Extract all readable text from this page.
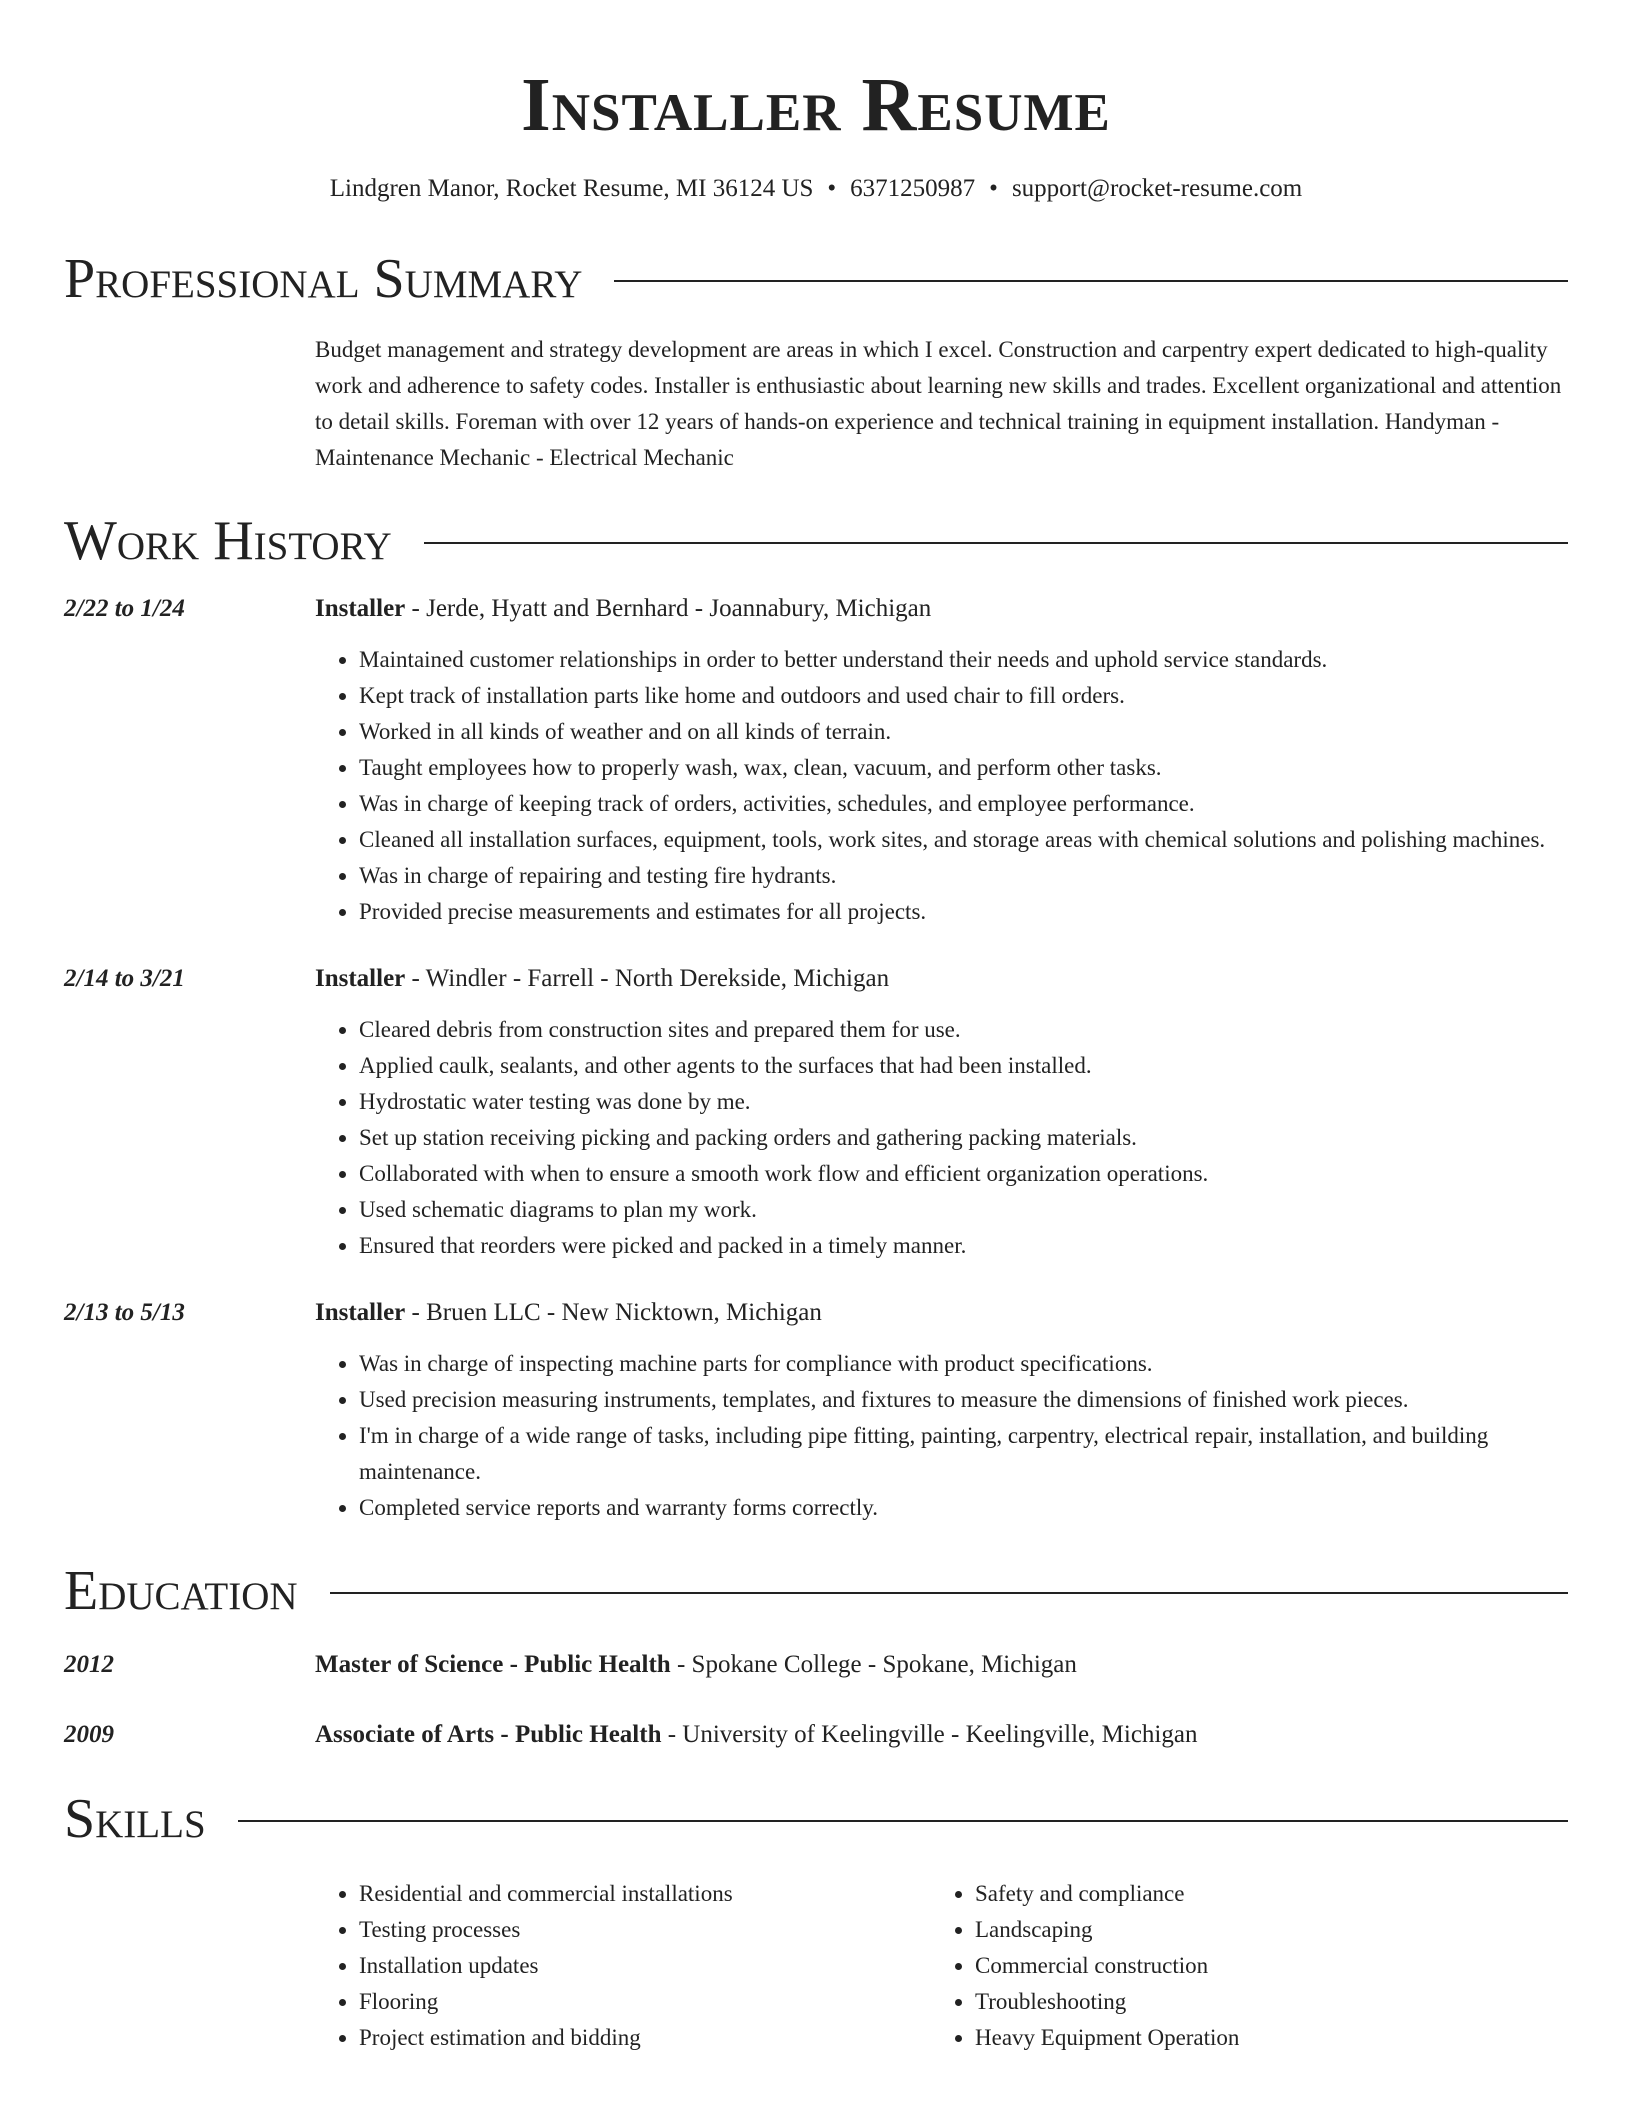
Installer Resume
Lindgren Manor, Rocket Resume, MI 36124 US • 6371250987 • support@rocket-resume.com
Professional Summary
Budget management and strategy development are areas in which I excel. Construction and carpentry expert dedicated to high-quality work and adherence to safety codes. Installer is enthusiastic about learning new skills and trades. Excellent organizational and attention to detail skills. Foreman with over 12 years of hands-on experience and technical training in equipment installation. Handyman - Maintenance Mechanic - Electrical Mechanic
Work History
2/22 to 1/24	Installer - Jerde, Hyatt and Bernhard - Joannabury, Michigan
• Maintained customer relationships in order to better understand their needs and uphold service standards.
• Kept track of installation parts like home and outdoors and used chair to fill orders.
• Worked in all kinds of weather and on all kinds of terrain.
• Taught employees how to properly wash, wax, clean, vacuum, and perform other tasks.
• Was in charge of keeping track of orders, activities, schedules, and employee performance.
• Cleaned all installation surfaces, equipment, tools, work sites, and storage areas with chemical solutions and polishing machines.
• Was in charge of repairing and testing fire hydrants.
• Provided precise measurements and estimates for all projects.
2/14 to 3/21	Installer - Windler - Farrell - North Derekside, Michigan
• Cleared debris from construction sites and prepared them for use.
• Applied caulk, sealants, and other agents to the surfaces that had been installed.
• Hydrostatic water testing was done by me.
• Set up station receiving picking and packing orders and gathering packing materials.
• Collaborated with when to ensure a smooth work flow and efficient organization operations.
• Used schematic diagrams to plan my work.
• Ensured that reorders were picked and packed in a timely manner.
2/13 to 5/13	Installer - Bruen LLC - New Nicktown, Michigan
• Was in charge of inspecting machine parts for compliance with product specifications.
• Used precision measuring instruments, templates, and fixtures to measure the dimensions of finished work pieces.
• I'm in charge of a wide range of tasks, including pipe fitting, painting, carpentry, electrical repair, installation, and building maintenance.
• Completed service reports and warranty forms correctly.
Education
2012	Master of Science - Public Health - Spokane College - Spokane, Michigan
2009	Associate of Arts - Public Health - University of Keelingville - Keelingville, Michigan
Skills
• Residential and commercial installations
• Testing processes
• Installation updates
• Flooring
• Project estimation and bidding
• Safety and compliance
• Landscaping
• Commercial construction
• Troubleshooting
• Heavy Equipment Operation
